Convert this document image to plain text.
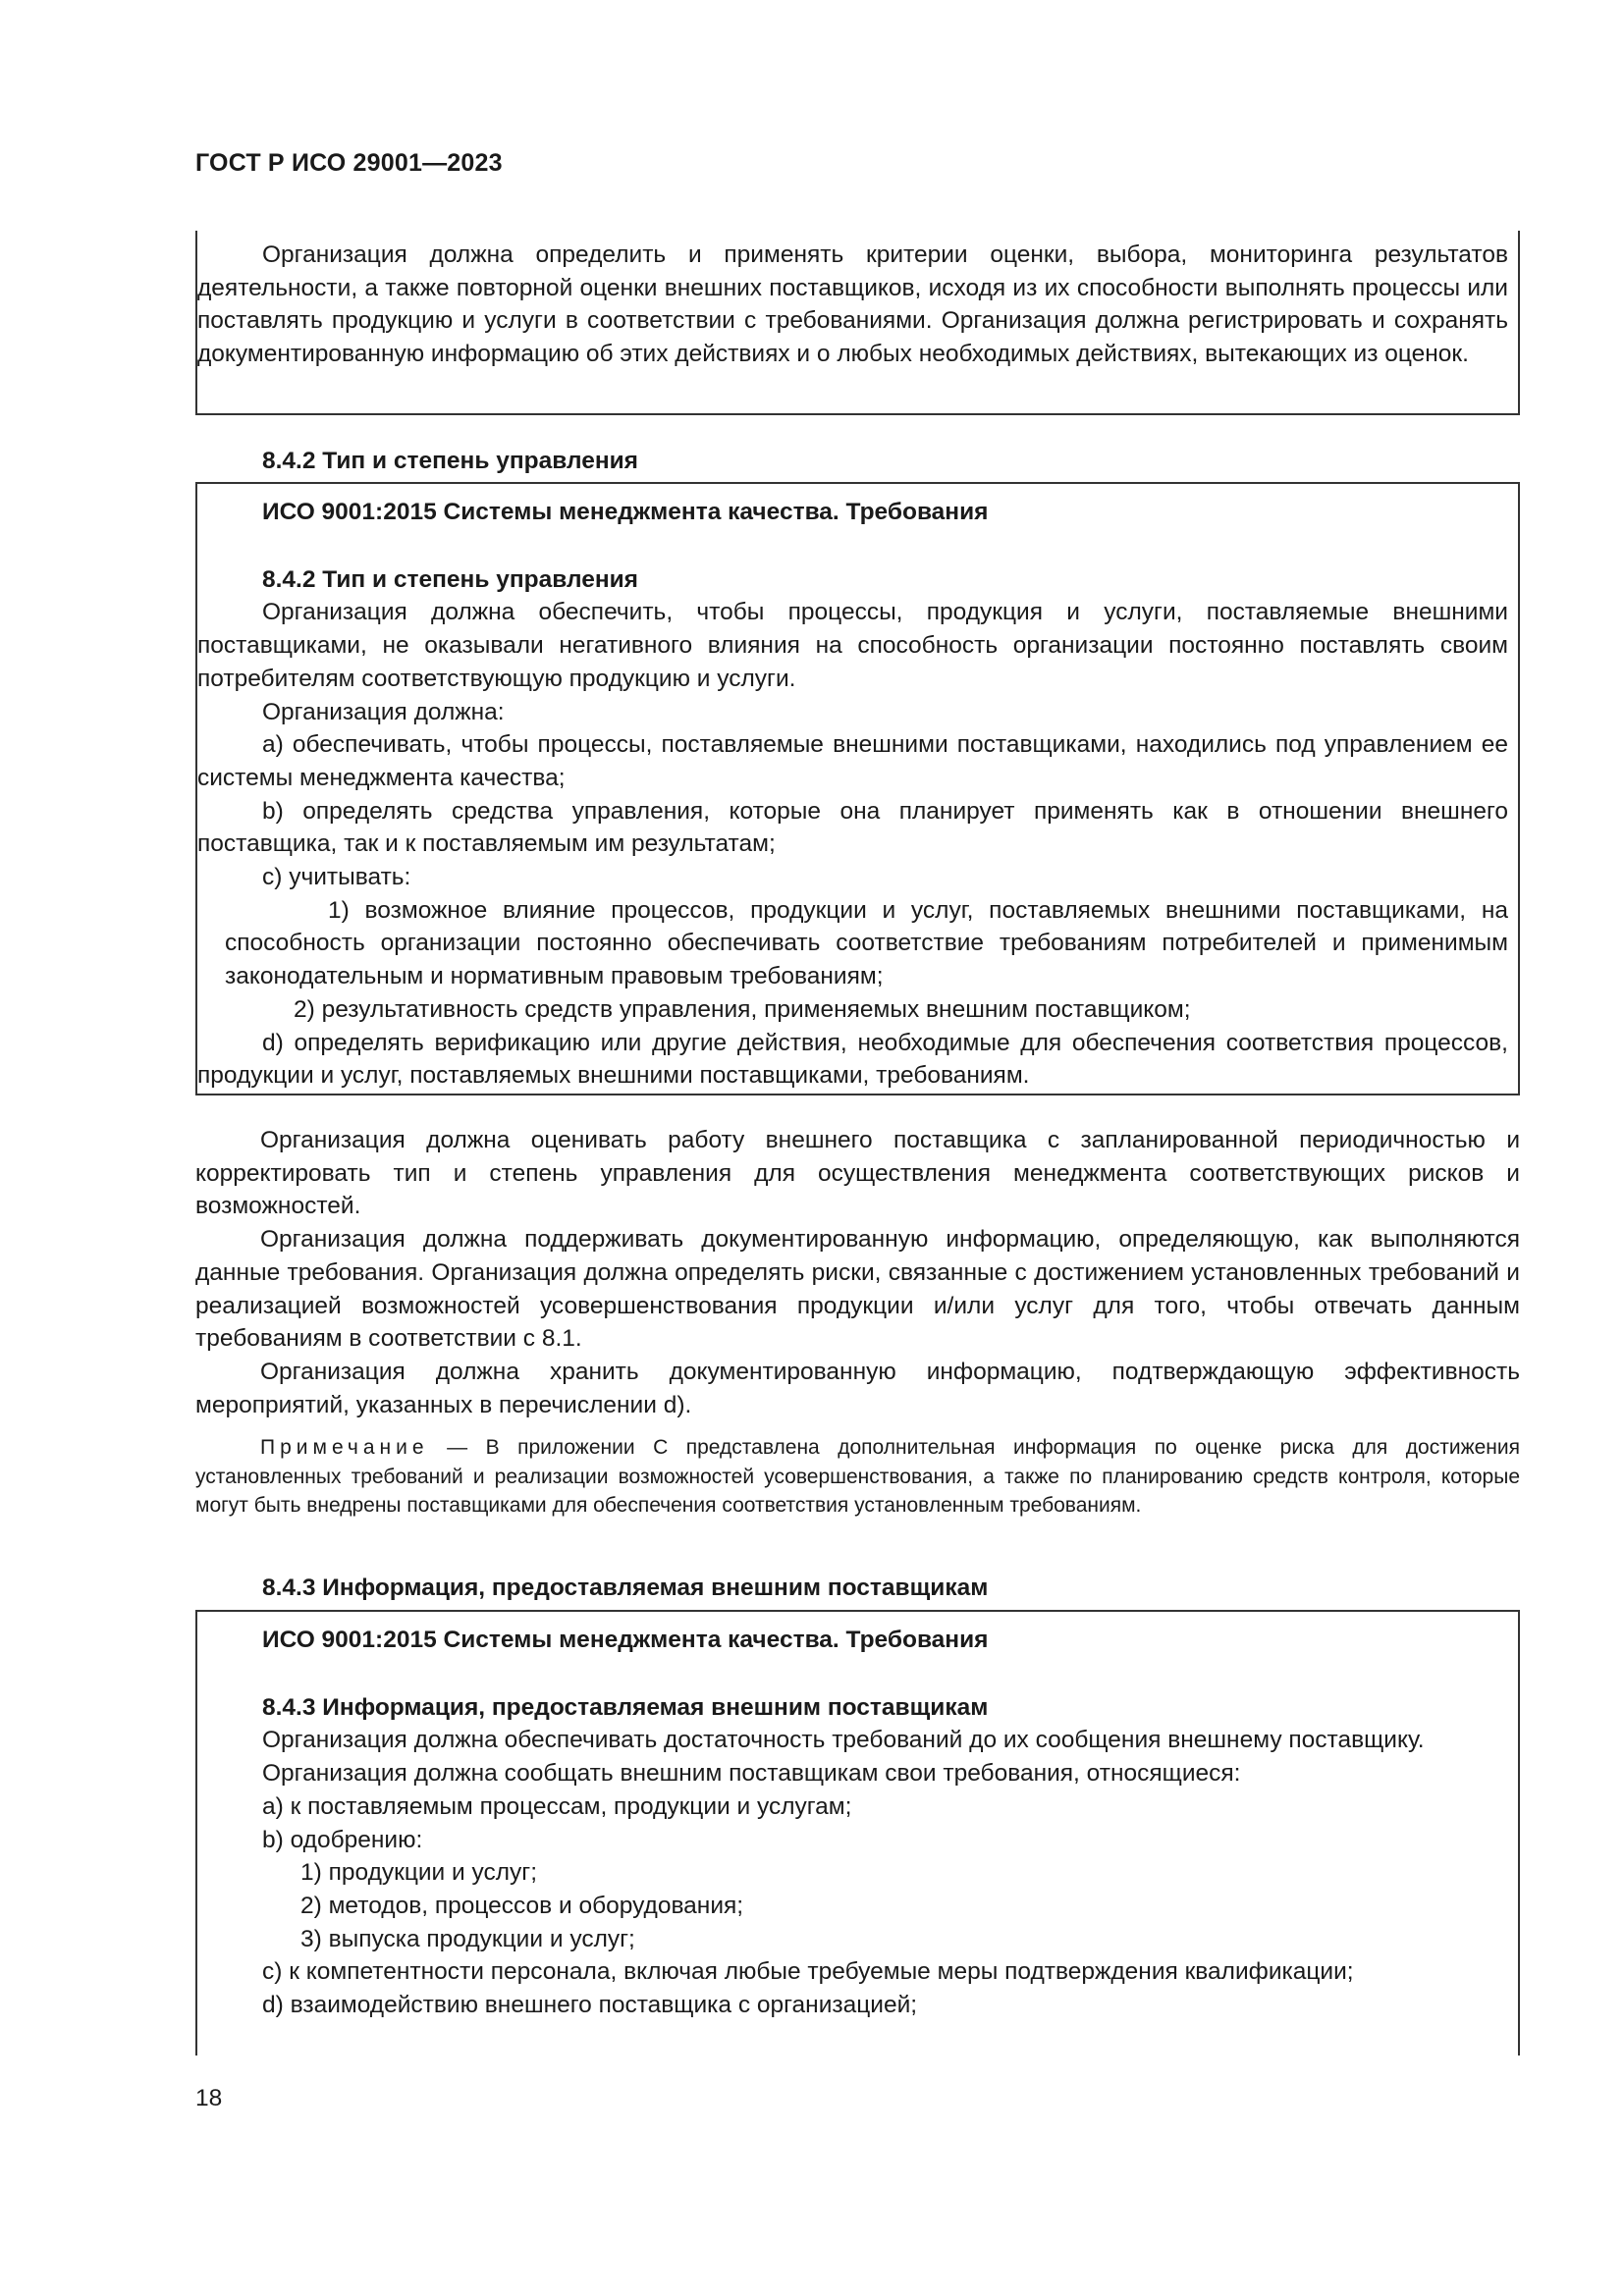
ГОСТ Р ИСО 29001—2023

Организация должна определить и применять критерии оценки, выбора, мониторинга результатов деятельности, а также повторной оценки внешних поставщиков, исходя из их способности выполнять процессы или поставлять продукцию и услуги в соответствии с требованиями. Организация должна регистрировать и сохранять документированную информацию об этих действиях и о любых необходимых действиях, вытекающих из оценок.

8.4.2 Тип и степень управления

ИСО 9001:2015 Системы менеджмента качества. Требования

8.4.2 Тип и степень управления

Организация должна обеспечить, чтобы процессы, продукция и услуги, поставляемые внешними поставщиками, не оказывали негативного влияния на способность организации постоянно поставлять своим потребителям соответствующую продукцию и услуги.

Организация должна:

а) обеспечивать, чтобы процессы, поставляемые внешними поставщиками, находились под управлением ее системы менеджмента качества;

b) определять средства управления, которые она планирует применять как в отношении внешнего поставщика, так и к поставляемым им результатам;

c) учитывать:

1) возможное влияние процессов, продукции и услуг, поставляемых внешними поставщиками, на способность организации постоянно обеспечивать соответствие требованиям потребителей и применимым законодательным и нормативным правовым требованиям;

2) результативность средств управления, применяемых внешним поставщиком;

d) определять верификацию или другие действия, необходимые для обеспечения соответствия процессов, продукции и услуг, поставляемых внешними поставщиками, требованиям.

Организация должна оценивать работу внешнего поставщика с запланированной периодичностью и корректировать тип и степень управления для осуществления менеджмента соответствующих рисков и возможностей.

Организация должна поддерживать документированную информацию, определяющую, как выполняются данные требования. Организация должна определять риски, связанные с достижением установленных требований и реализацией возможностей усовершенствования продукции и/или услуг для того, чтобы отвечать данным требованиям в соответствии с 8.1.

Организация должна хранить документированную информацию, подтверждающую эффективность мероприятий, указанных в перечислении d).

Примечание — В приложении С представлена дополнительная информация по оценке риска для достижения установленных требований и реализации возможностей усовершенствования, а также по планированию средств контроля, которые могут быть внедрены поставщиками для обеспечения соответствия установленным требованиям.

8.4.3 Информация, предоставляемая внешним поставщикам

ИСО 9001:2015 Системы менеджмента качества. Требования

8.4.3 Информация, предоставляемая внешним поставщикам

Организация должна обеспечивать достаточность требований до их сообщения внешнему поставщику.

Организация должна сообщать внешним поставщикам свои требования, относящиеся:

a) к поставляемым процессам, продукции и услугам;

b) одобрению:

1) продукции и услуг;

2) методов, процессов и оборудования;

3) выпуска продукции и услуг;

c) к компетентности персонала, включая любые требуемые меры подтверждения квалификации;

d) взаимодействию внешнего поставщика с организацией;

18
